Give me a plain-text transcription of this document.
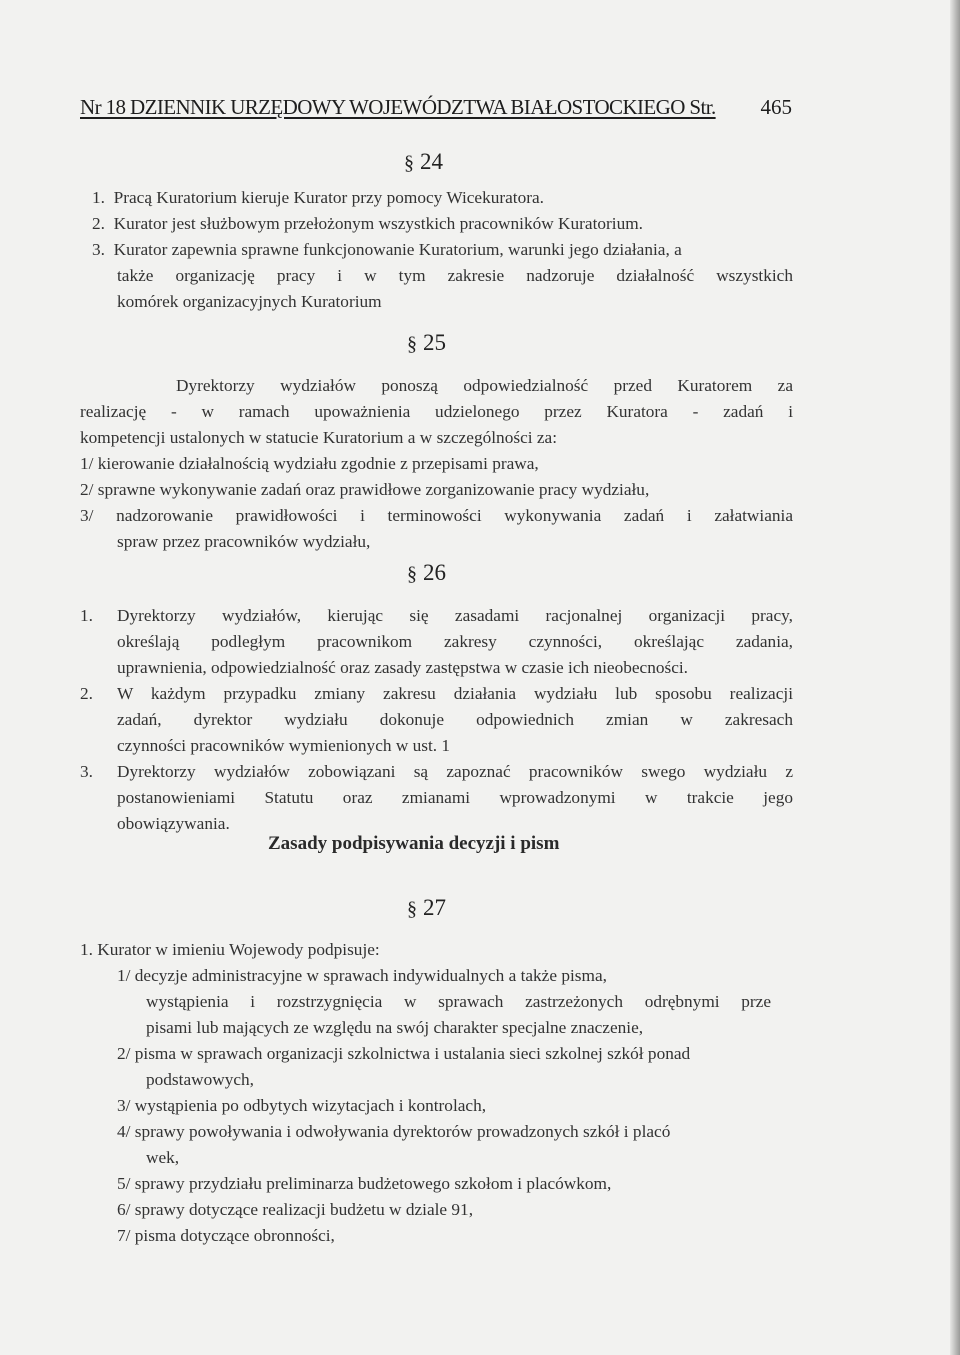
Nr 18 DZIENNIK URZĘDOWY WOJEWÓDZTWA BIAŁOSTOCKIEGO Str. 465
§ 24
1. Pracą Kuratorium kieruje Kurator przy pomocy Wicekuratora.
2. Kurator jest służbowym przełożonym wszystkich pracowników Kuratorium.
3. Kurator zapewnia sprawne funkcjonowanie Kuratorium, warunki jego działania, a
także organizację pracy i w tym zakresie nadzoruje działalność wszystkich
komórek organizacyjnych Kuratorium
§ 25
Dyrektorzy wydziałów ponoszą odpowiedzialność przed Kuratorem za
realizację - w ramach upoważnienia udzielonego przez Kuratora - zadań i
kompetencji ustalonych w statucie Kuratorium a w szczególności za:
1/ kierowanie działalnością wydziału zgodnie z przepisami prawa,
2/ sprawne wykonywanie zadań oraz prawidłowe zorganizowanie pracy wydziału,
3/ nadzorowanie prawidłowości i terminowości wykonywania zadań i załatwiania
spraw przez pracowników wydziału,
§ 26
1. Dyrektorzy wydziałów, kierując się zasadami racjonalnej organizacji pracy,
określają podległym pracownikom zakresy czynności, określając zadania,
uprawnienia, odpowiedzialność oraz zasady zastępstwa w czasie ich nieobecności.
2. W każdym przypadku zmiany zakresu działania wydziału lub sposobu realizacji
zadań, dyrektor wydziału dokonuje odpowiednich zmian w zakresach
czynności pracowników wymienionych w ust. 1
3. Dyrektorzy wydziałów zobowiązani są zapoznać pracowników swego wydziału z
postanowieniami Statutu oraz zmianami wprowadzonymi w trakcie jego
obowiązywania.
Zasady podpisywania decyzji i pism
§ 27
1. Kurator w imieniu Wojewody podpisuje:
1/ decyzje administracyjne w sprawach indywidualnych a także pisma,
wystąpienia i rozstrzygnięcia w sprawach zastrzeżonych odrębnymi prze
pisami lub mających ze względu na swój charakter specjalne znaczenie,
2/ pisma w sprawach organizacji szkolnictwa i ustalania sieci szkolnej szkół ponad
podstawowych,
3/ wystąpienia po odbytych wizytacjach i kontrolach,
4/ sprawy powoływania i odwoływania dyrektorów prowadzonych szkół i placó
wek,
5/ sprawy przydziału preliminarza budżetowego szkołom i placówkom,
6/ sprawy dotyczące realizacji budżetu w dziale 91,
7/ pisma dotyczące obronności,
